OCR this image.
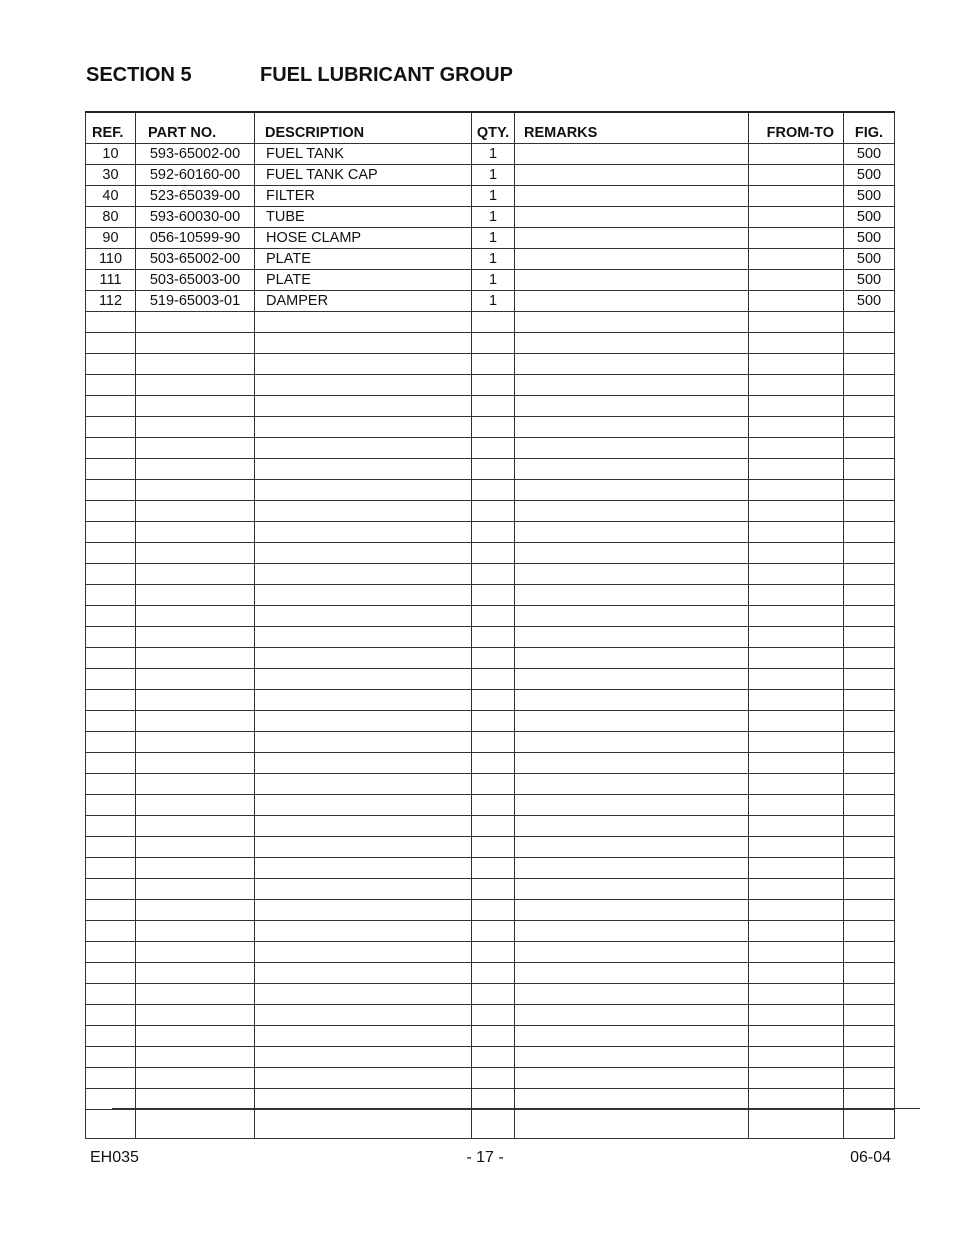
SECTION 5	FUEL LUBRICANT GROUP
REF.	PART NO.	DESCRIPTION	QTY.	REMARKS	FROM-TO	FIG.
10	593-65002-00	FUEL TANK	1			500
30	592-60160-00	FUEL TANK CAP	1			500
40	523-65039-00	FILTER	1			500
80	593-60030-00	TUBE	1			500
90	056-10599-90	HOSE CLAMP	1			500
110	503-65002-00	PLATE	1			500
111	503-65003-00	PLATE	1			500
112	519-65003-01	DAMPER	1			500

EH035	- 17 -	06-04
